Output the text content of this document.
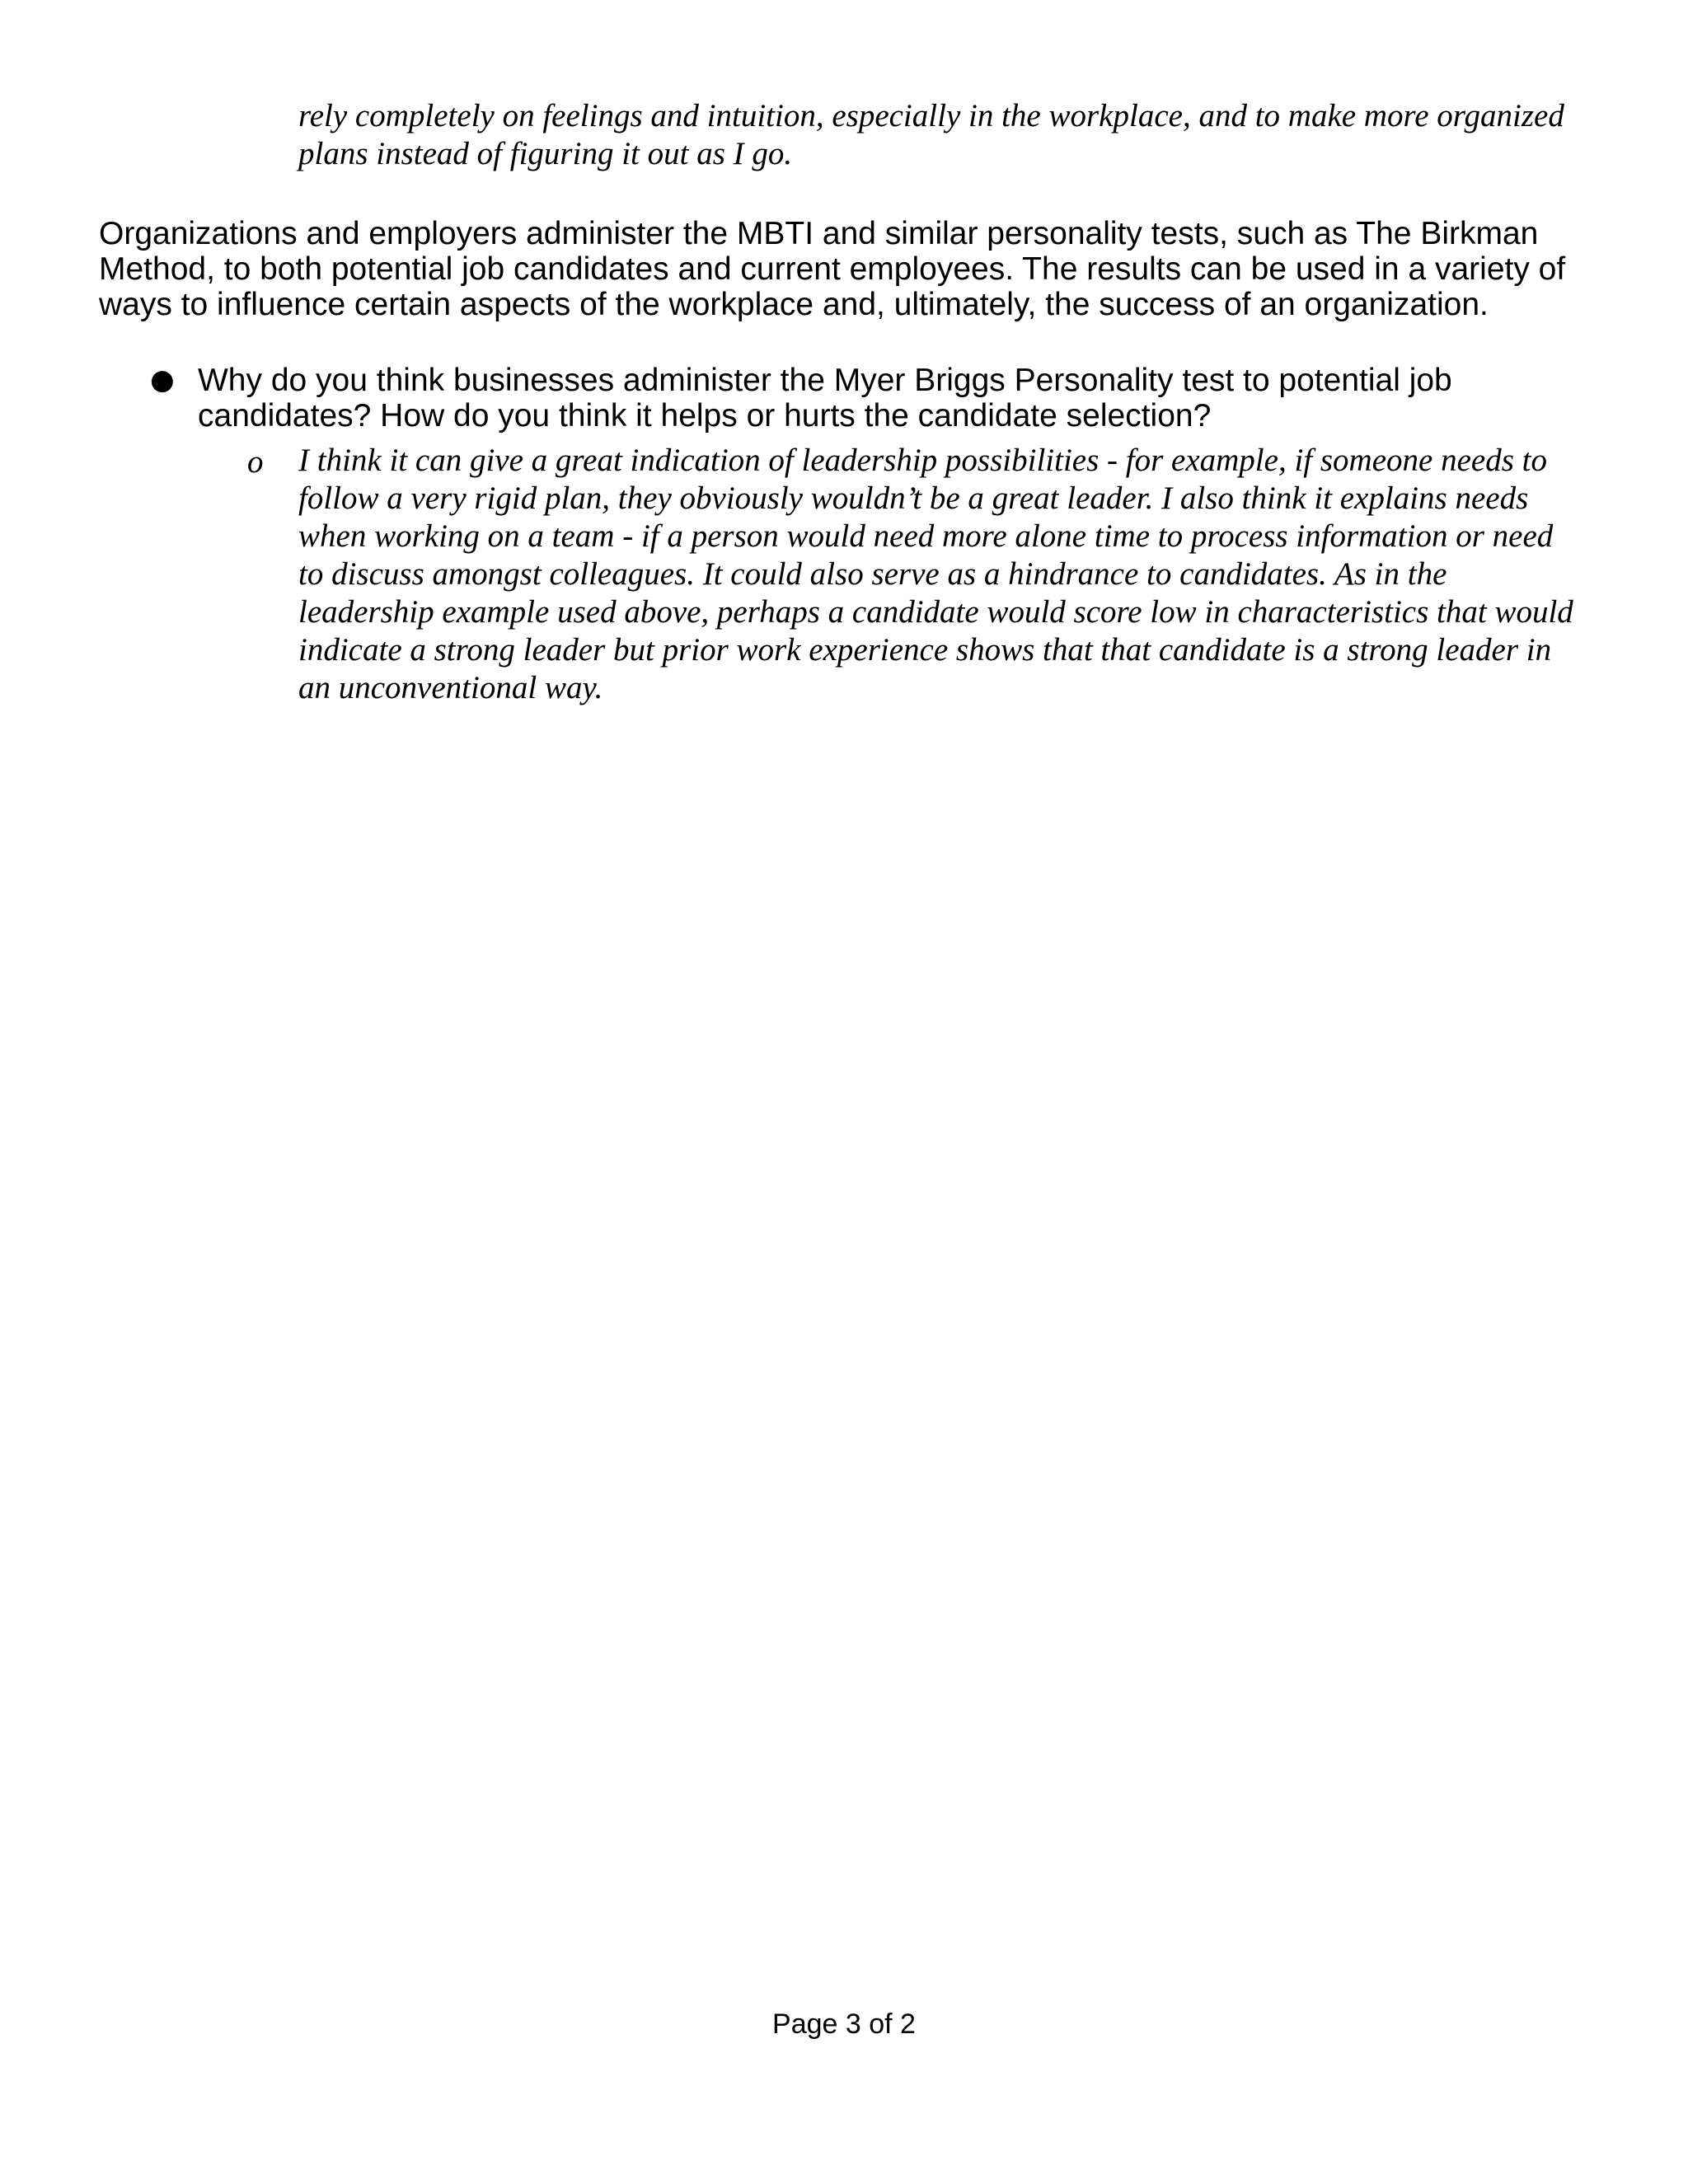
rely completely on feelings and intuition, especially in the workplace, and to make more organized plans instead of figuring it out as I go.

Organizations and employers administer the MBTI and similar personality tests, such as The Birkman Method, to both potential job candidates and current employees. The results can be used in a variety of ways to influence certain aspects of the workplace and, ultimately, the success of an organization.

● Why do you think businesses administer the Myer Briggs Personality test to potential job candidates? How do you think it helps or hurts the candidate selection?

o I think it can give a great indication of leadership possibilities - for example, if someone needs to follow a very rigid plan, they obviously wouldn’t be a great leader. I also think it explains needs when working on a team - if a person would need more alone time to process information or need to discuss amongst colleagues. It could also serve as a hindrance to candidates. As in the leadership example used above, perhaps a candidate would score low in characteristics that would indicate a strong leader but prior work experience shows that that candidate is a strong leader in an unconventional way.

Page 3 of 2
